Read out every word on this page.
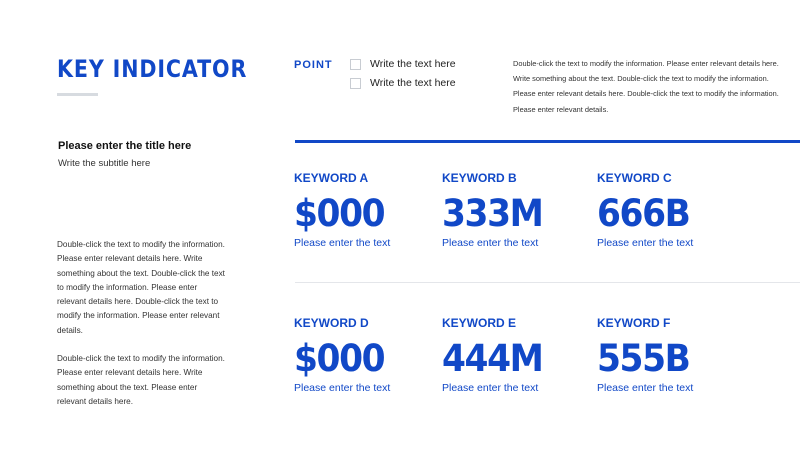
KEY INDICATOR
Please enter the title here
Write the subtitle here

Double-click the text to modify the information. Please enter relevant details here. Write something about the text. Double-click the text to modify the information. Please enter relevant details here. Double-click the text to modify the information. Please enter relevant details.

Double-click the text to modify the information. Please enter relevant details here. Write something about the text. Please enter relevant details here.

POINT	Write the text here
Write the text here

Double-click the text to modify the information. Please enter relevant details here. Write something about the text. Double-click the text to modify the information. Please enter relevant details here. Double-click the text to modify the information. Please enter relevant details.

KEYWORD A
$000
Please enter the text
KEYWORD B
333M
Please enter the text
KEYWORD C
666B
Please enter the text
KEYWORD D
$000
Please enter the text
KEYWORD E
444M
Please enter the text
KEYWORD F
555B
Please enter the text
